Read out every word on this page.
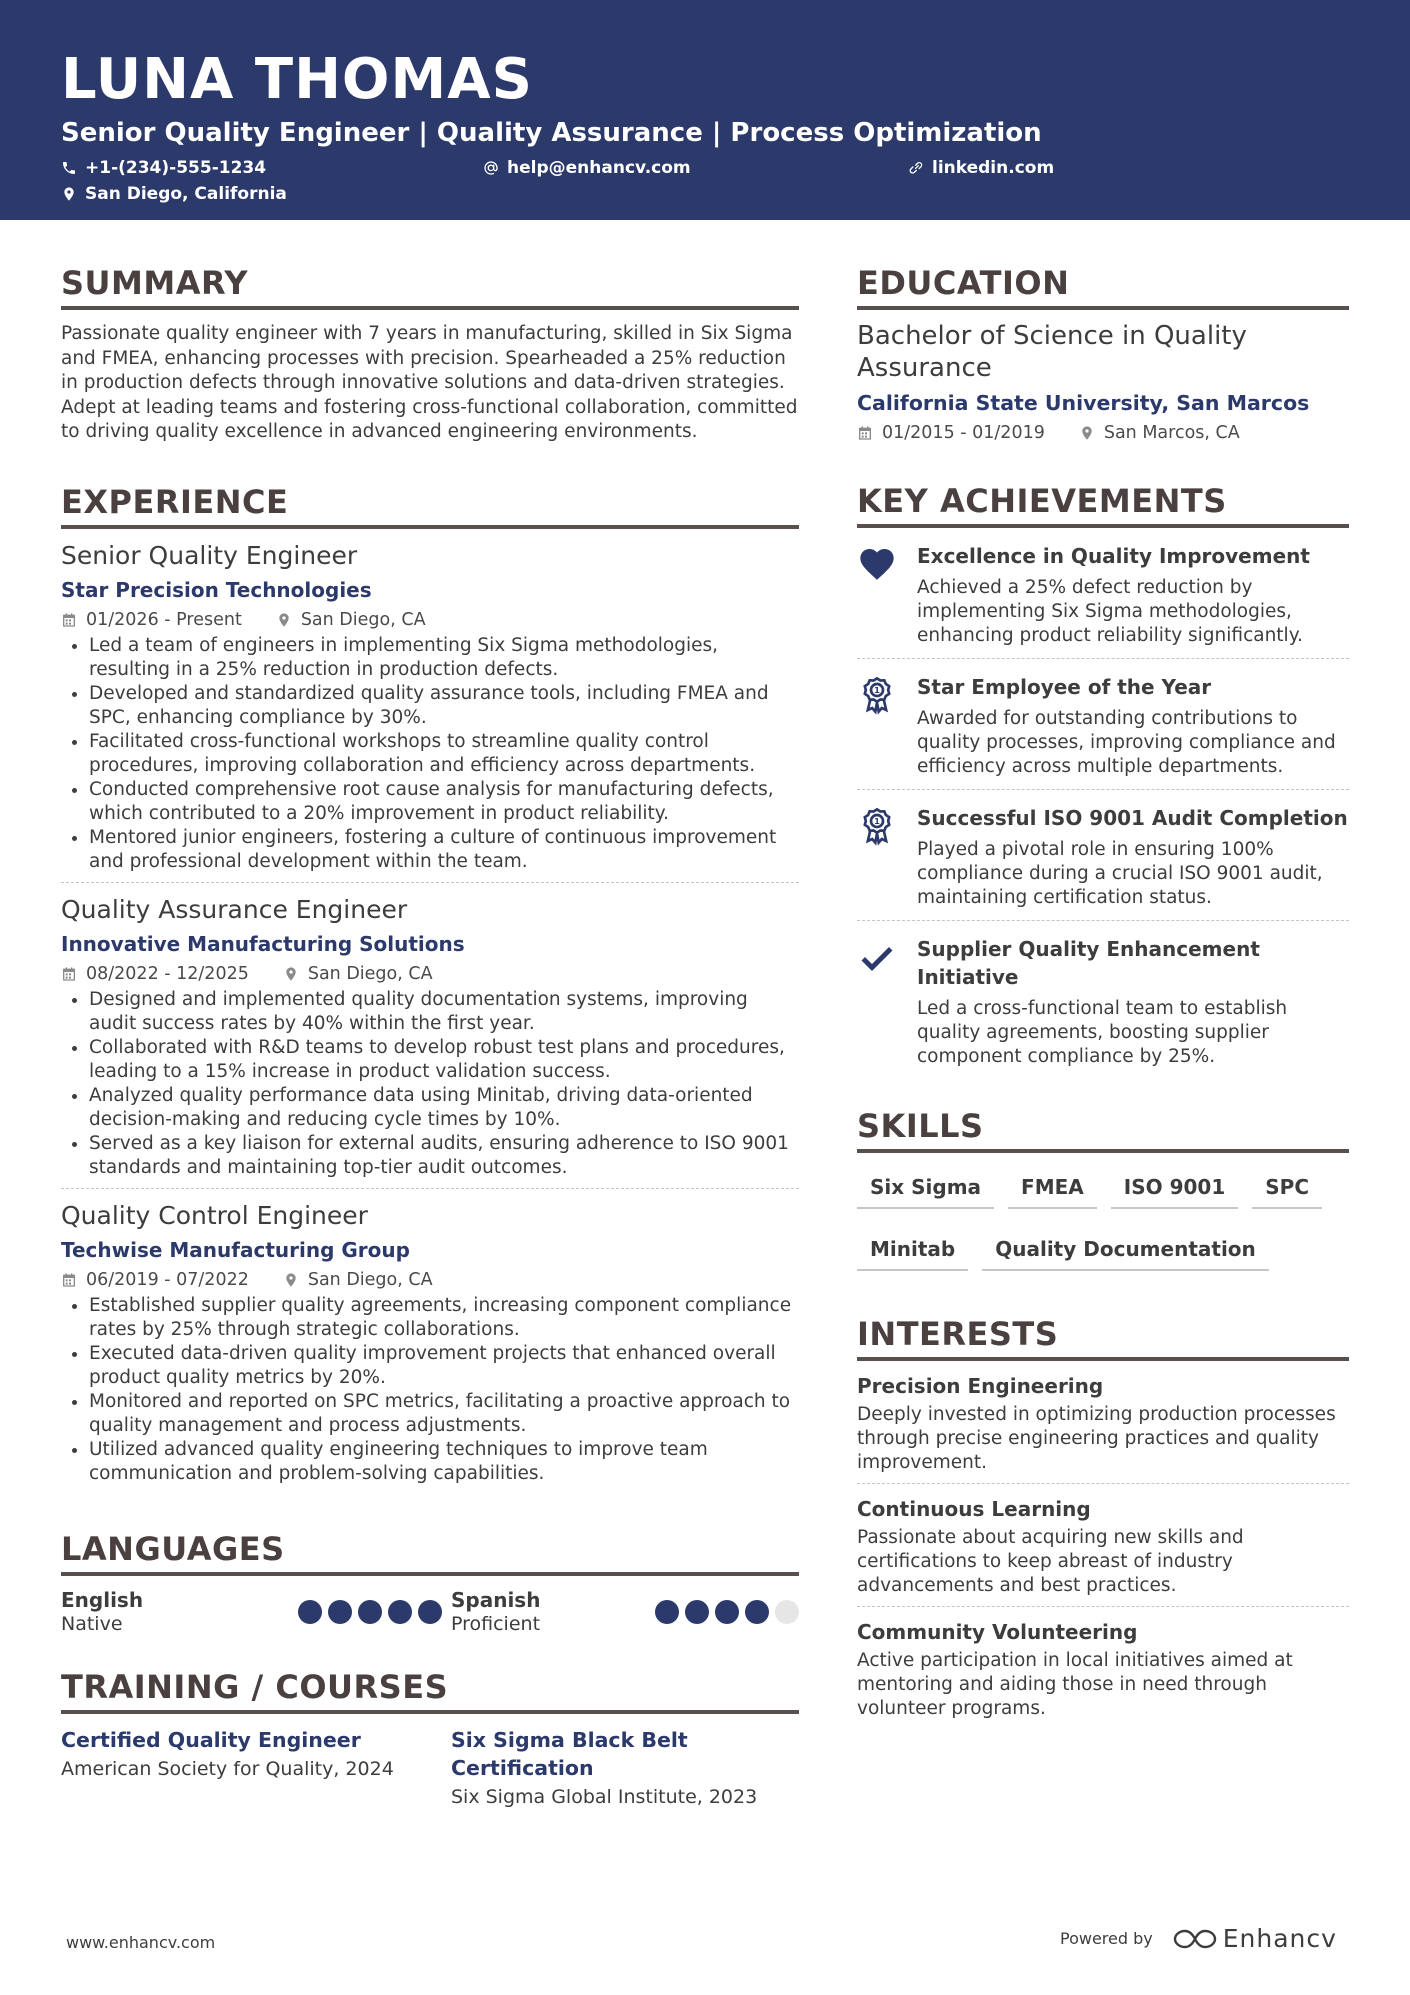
LUNA THOMAS
Senior Quality Engineer | Quality Assurance | Process Optimization
+1-(234)-555-1234	help@enhancv.com	linkedin.com
San Diego, California
SUMMARY

Passionate quality engineer with 7 years in manufacturing, skilled in Six Sigma and FMEA, enhancing processes with precision. Spearheaded a 25% reduction in production defects through innovative solutions and data-driven strategies. Adept at leading teams and fostering cross-functional collaboration, committed to driving quality excellence in advanced engineering environments.

EXPERIENCE
Senior Quality Engineer
Star Precision Technologies
01/2026 - Present	San Diego, CA
Led a team of engineers in implementing Six Sigma methodologies, resulting in a 25% reduction in production defects.
Developed and standardized quality assurance tools, including FMEA and SPC, enhancing compliance by 30%.
Facilitated cross-functional workshops to streamline quality control procedures, improving collaboration and efficiency across departments.
Conducted comprehensive root cause analysis for manufacturing defects, which contributed to a 20% improvement in product reliability.
Mentored junior engineers, fostering a culture of continuous improvement and professional development within the team.
Quality Assurance Engineer
Innovative Manufacturing Solutions
08/2022 - 12/2025	San Diego, CA
Designed and implemented quality documentation systems, improving audit success rates by 40% within the first year.
Collaborated with R&D teams to develop robust test plans and procedures, leading to a 15% increase in product validation success.
Analyzed quality performance data using Minitab, driving data-oriented decision-making and reducing cycle times by 10%.
Served as a key liaison for external audits, ensuring adherence to ISO 9001 standards and maintaining top-tier audit outcomes.
Quality Control Engineer
Techwise Manufacturing Group
06/2019 - 07/2022	San Diego, CA
Established supplier quality agreements, increasing component compliance rates by 25% through strategic collaborations.
Executed data-driven quality improvement projects that enhanced overall product quality metrics by 20%.
Monitored and reported on SPC metrics, facilitating a proactive approach to quality management and process adjustments.
Utilized advanced quality engineering techniques to improve team communication and problem-solving capabilities.
LANGUAGES
English
Native
Spanish
Proficient
TRAINING / COURSES
Certified Quality Engineer
American Society for Quality, 2024
Six Sigma Black Belt Certification
Six Sigma Global Institute, 2023
EDUCATION
Bachelor of Science in Quality Assurance
California State University, San Marcos
01/2015 - 01/2019	San Marcos, CA
KEY ACHIEVEMENTS
Excellence in Quality Improvement
Achieved a 25% defect reduction by implementing Six Sigma methodologies, enhancing product reliability significantly.
1 Star Employee of the Year
Awarded for outstanding contributions to quality processes, improving compliance and efficiency across multiple departments.
1 Successful ISO 9001 Audit Completion
Played a pivotal role in ensuring 100% compliance during a crucial ISO 9001 audit, maintaining certification status.
Supplier Quality Enhancement Initiative
Led a cross-functional team to establish quality agreements, boosting supplier component compliance by 25%.
SKILLS
Six Sigma	FMEA	ISO 9001	SPC
Minitab	Quality Documentation
INTERESTS
Precision Engineering
Deeply invested in optimizing production processes through precise engineering practices and quality improvement.
Continuous Learning
Passionate about acquiring new skills and certifications to keep abreast of industry advancements and best practices.
Community Volunteering
Active participation in local initiatives aimed at mentoring and aiding those in need through volunteer programs.
www.enhancv.com	Powered by	Enhancv
